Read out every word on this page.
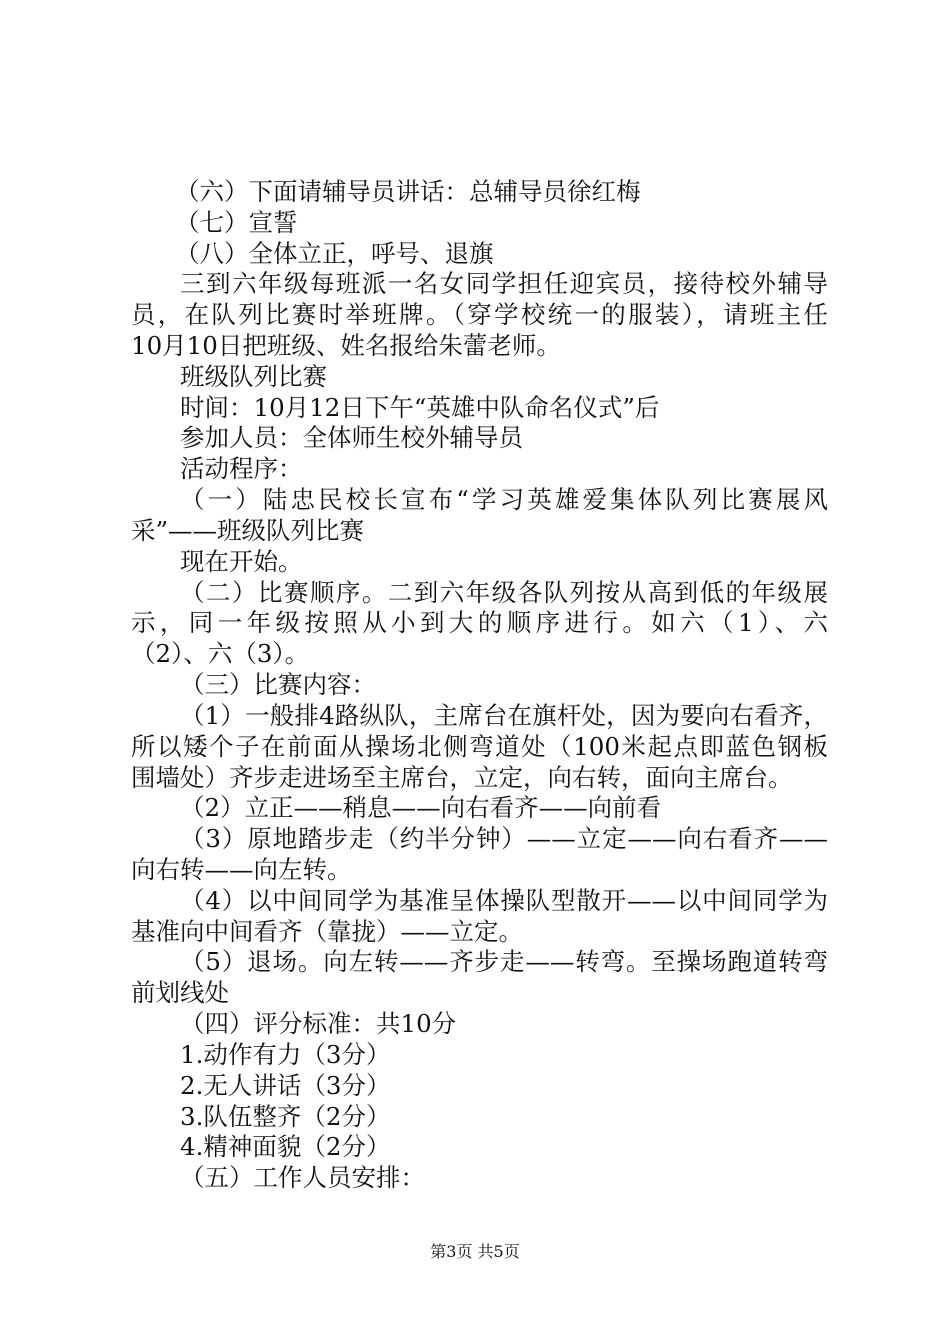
（六）下面请辅导员讲话：总辅导员徐红梅

（七）宣誓

（八）全体立正，呼号、退旗

三到六年级每班派一名女同学担任迎宾员，接待校外辅导

员，在队列比赛时举班牌。（穿学校统一的服装），请班主任

10月10日把班级、姓名报给朱蕾老师。

班级队列比赛

时间：10月12日下午“英雄中队命名仪式”后

参加人员：全体师生校外辅导员

活动程序：

（一）陆忠民校长宣布“学习英雄爱集体队列比赛展风

采”——班级队列比赛

现在开始。

（二）比赛顺序。二到六年级各队列按从高到低的年级展

示，同一年级按照从小到大的顺序进行。如六（1）、六

（2）、六（3）。

（三）比赛内容：

（1）一般排4路纵队，主席台在旗杆处，因为要向右看齐，

所以矮个子在前面从操场北侧弯道处（100米起点即蓝色钢板

围墙处）齐步走进场至主席台，立定，向右转，面向主席台。

（2）立正——稍息——向右看齐——向前看

（3）原地踏步走（约半分钟）——立定——向右看齐——

向右转——向左转。

（4）以中间同学为基准呈体操队型散开——以中间同学为

基准向中间看齐（靠拢）——立定。

（5）退场。向左转——齐步走——转弯。至操场跑道转弯

前划线处

（四）评分标准：共10分

1.动作有力（3分）

2.无人讲话（3分）

3.队伍整齐（2分）

4.精神面貌（2分）

（五）工作人员安排：

第3页 共5页
